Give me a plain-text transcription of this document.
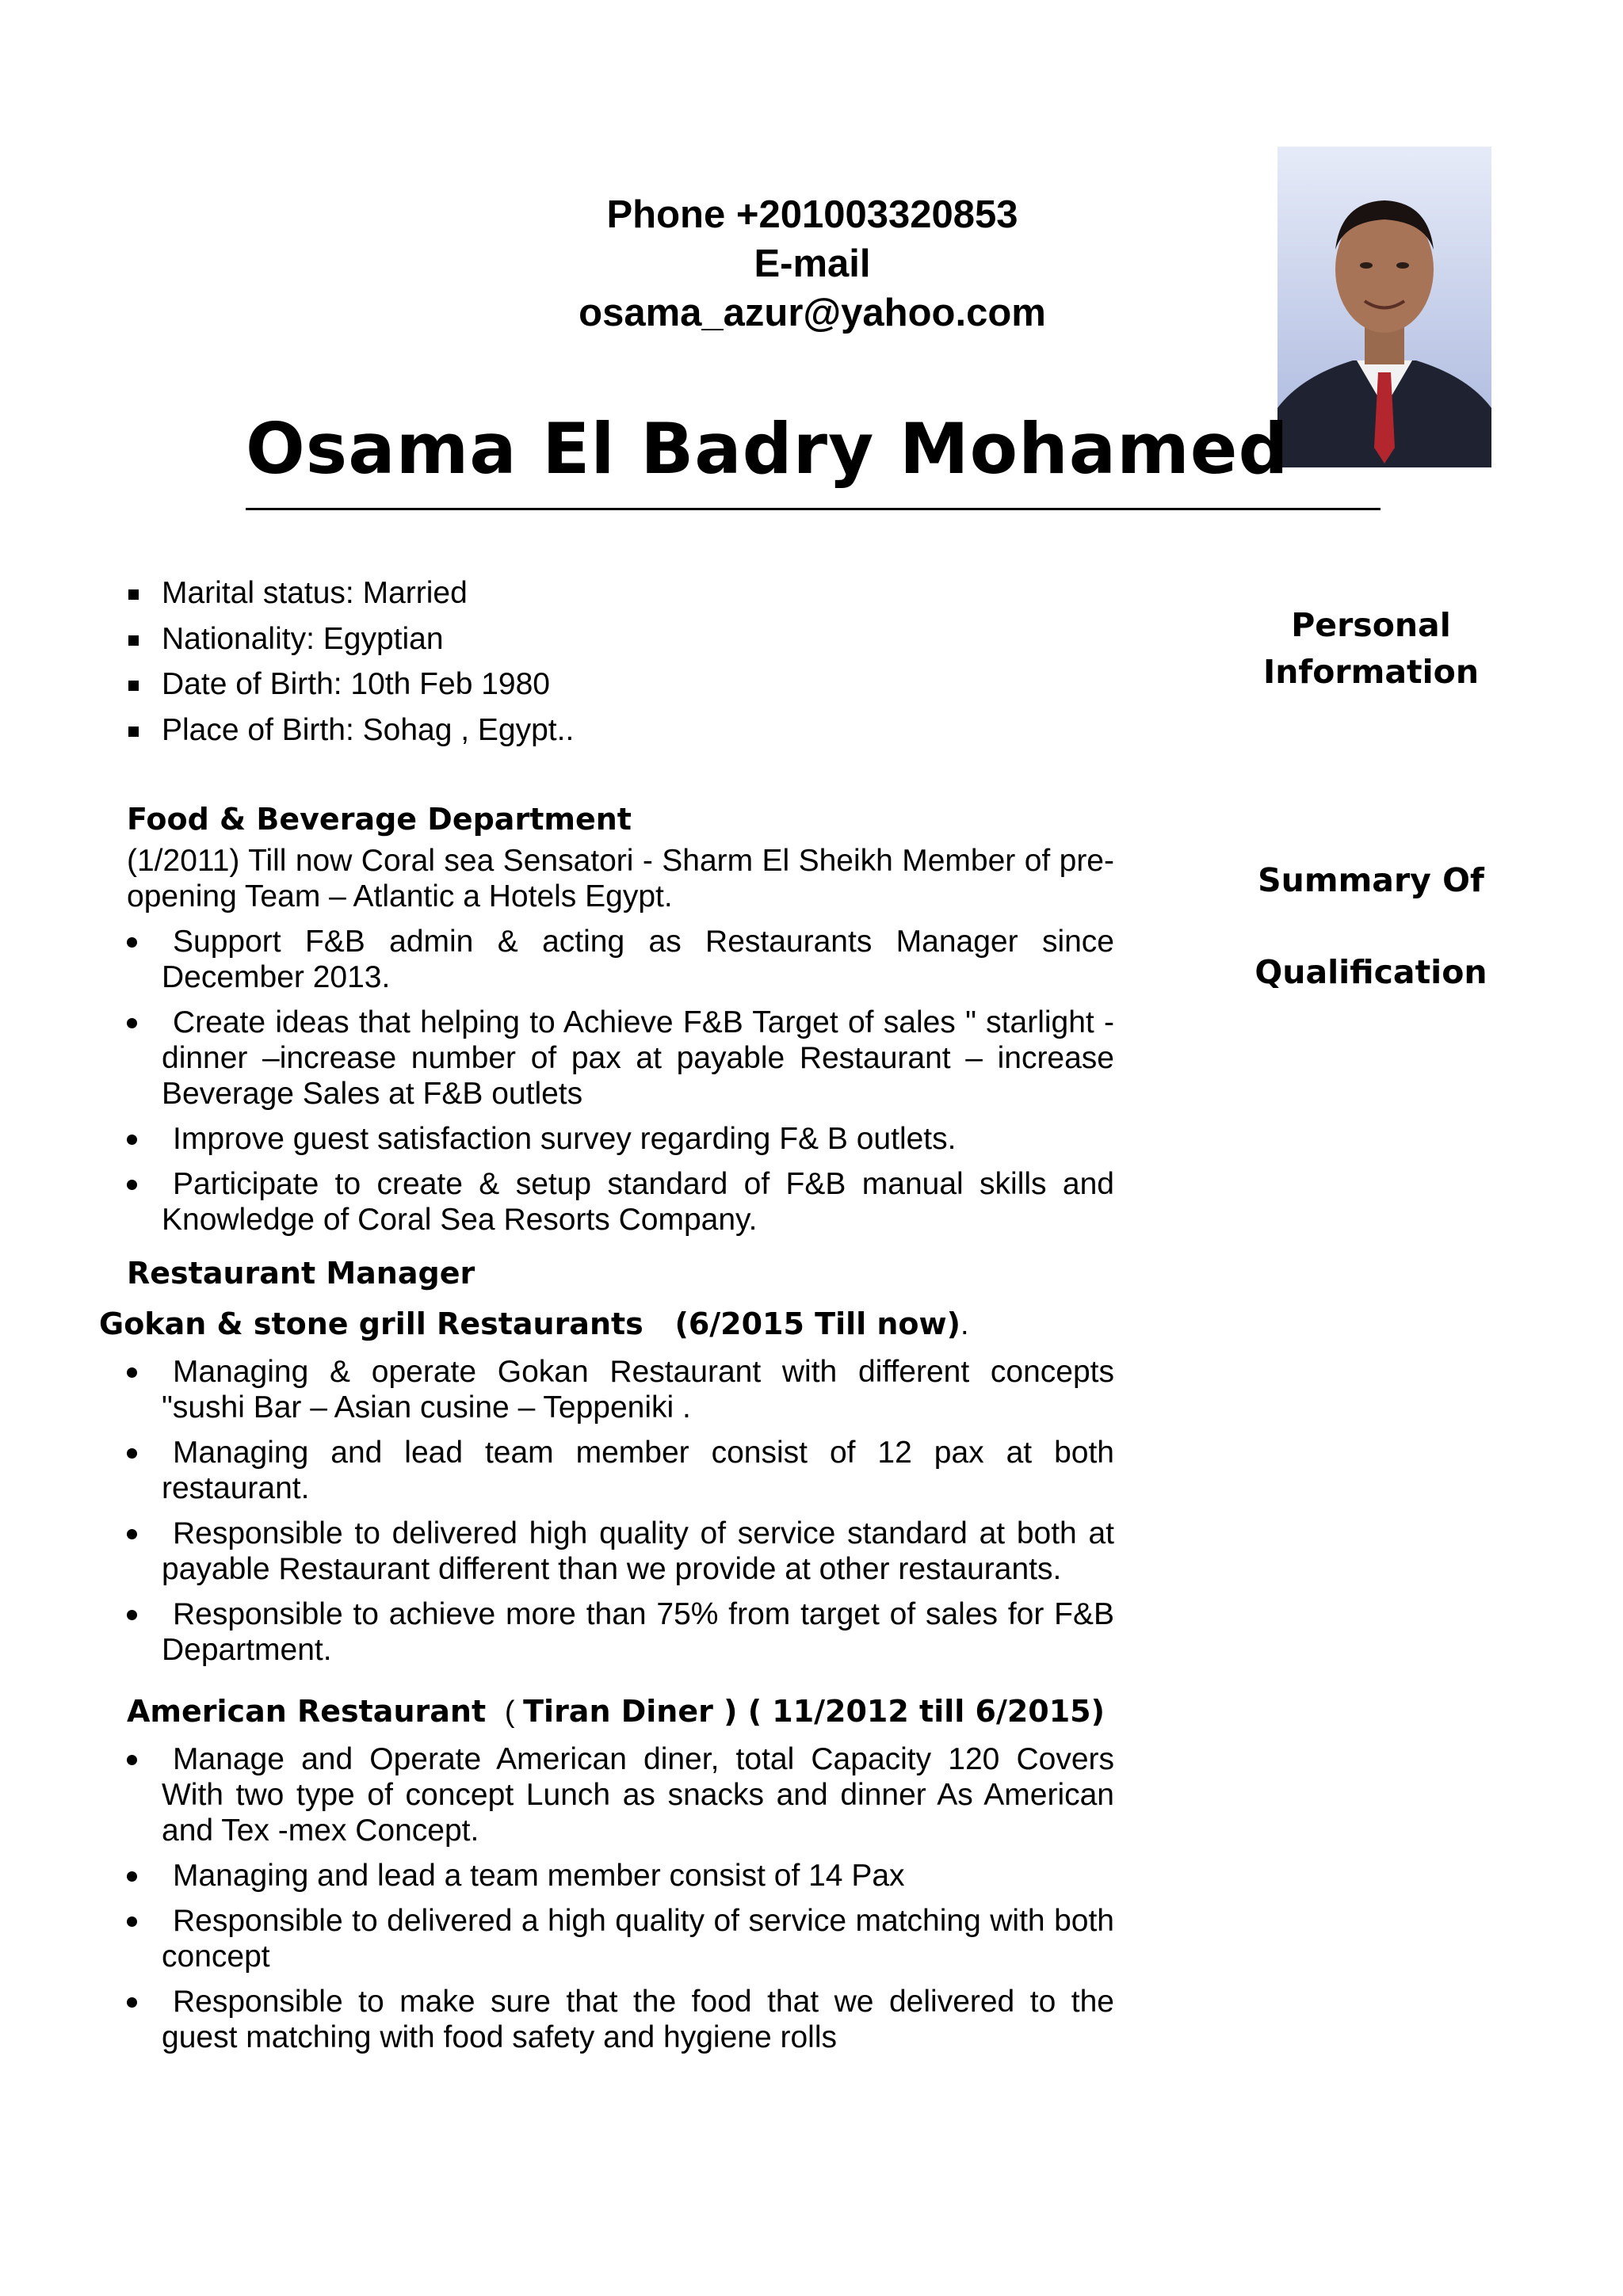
Phone +201003320853
E-mail
osama_azur@yahoo.com
Osama El Badry Mohamed
Personal
Information
Summary Of
Qualification
Marital status: Married
Nationality: Egyptian
Date of Birth: 10th Feb 1980
Place of Birth: Sohag , Egypt..
Food & Beverage Department
(1/2011) Till now Coral sea Sensatori - Sharm El Sheikh Member of pre-opening Team – Atlantic a Hotels Egypt.
Support F&B admin & acting as Restaurants Manager since December 2013.
Create ideas that helping to Achieve F&B Target of sales " starlight -dinner –increase number of pax at payable Restaurant – increase Beverage Sales at F&B outlets
Improve guest satisfaction survey regarding F& B outlets.
Participate to create & setup standard of F&B manual skills and Knowledge of Coral Sea Resorts Company.
Restaurant Manager
Gokan & stone grill Restaurants   (6/2015 Till now).
Managing & operate Gokan Restaurant with different concepts "sushi Bar – Asian cusine – Teppeniki .
Managing and lead team member consist of 12 pax at both restaurant.
Responsible to delivered high quality of service standard at both at payable Restaurant different than we provide at other restaurants.
Responsible to achieve more than 75% from target of sales for F&B Department.
American Restaurant  ( Tiran Diner ) ( 11/2012 till 6/2015)
Manage and Operate American diner, total Capacity 120 Covers With two type of concept Lunch as snacks and dinner As American and Tex -mex Concept.
Managing and lead a team member consist of 14 Pax
Responsible to delivered a high quality of service matching with both concept
Responsible to make sure that the food that we delivered to the guest matching with food safety and hygiene rolls
